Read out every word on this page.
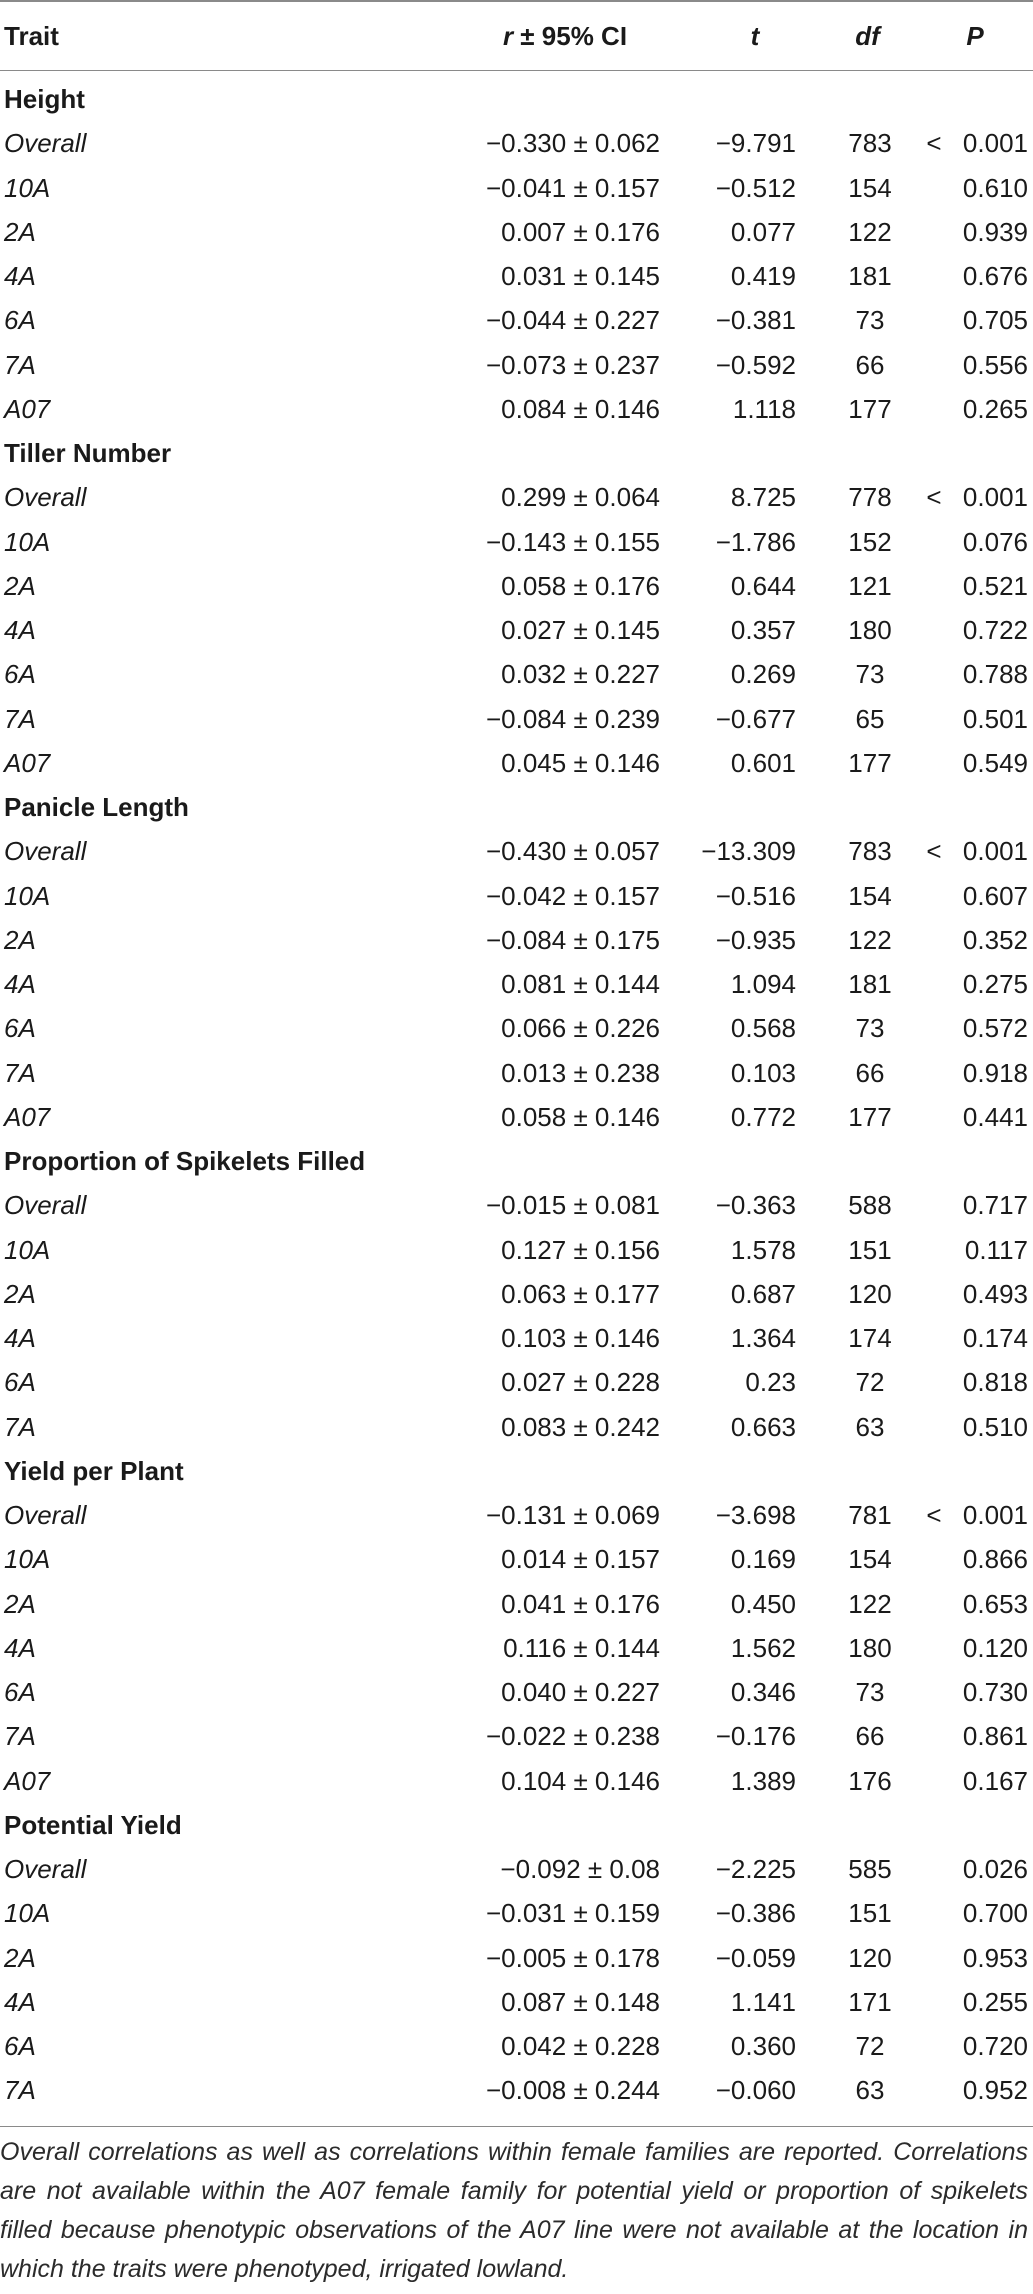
Trait	r ± 95% CI	t	df	P
Height
Overall	−0.330 ± 0.062	−9.791	783	< 0.001
10A	−0.041 ± 0.157	−0.512	154	0.610
2A	0.007 ± 0.176	0.077	122	0.939
4A	0.031 ± 0.145	0.419	181	0.676
6A	−0.044 ± 0.227	−0.381	73	0.705
7A	−0.073 ± 0.237	−0.592	66	0.556
A07	0.084 ± 0.146	1.118	177	0.265
Tiller Number
Overall	0.299 ± 0.064	8.725	778	< 0.001
10A	−0.143 ± 0.155	−1.786	152	0.076
2A	0.058 ± 0.176	0.644	121	0.521
4A	0.027 ± 0.145	0.357	180	0.722
6A	0.032 ± 0.227	0.269	73	0.788
7A	−0.084 ± 0.239	−0.677	65	0.501
A07	0.045 ± 0.146	0.601	177	0.549
Panicle Length
Overall	−0.430 ± 0.057	−13.309	783	< 0.001
10A	−0.042 ± 0.157	−0.516	154	0.607
2A	−0.084 ± 0.175	−0.935	122	0.352
4A	0.081 ± 0.144	1.094	181	0.275
6A	0.066 ± 0.226	0.568	73	0.572
7A	0.013 ± 0.238	0.103	66	0.918
A07	0.058 ± 0.146	0.772	177	0.441
Proportion of Spikelets Filled
Overall	−0.015 ± 0.081	−0.363	588	0.717
10A	0.127 ± 0.156	1.578	151	0.117
2A	0.063 ± 0.177	0.687	120	0.493
4A	0.103 ± 0.146	1.364	174	0.174
6A	0.027 ± 0.228	0.23	72	0.818
7A	0.083 ± 0.242	0.663	63	0.510
Yield per Plant
Overall	−0.131 ± 0.069	−3.698	781	< 0.001
10A	0.014 ± 0.157	0.169	154	0.866
2A	0.041 ± 0.176	0.450	122	0.653
4A	0.116 ± 0.144	1.562	180	0.120
6A	0.040 ± 0.227	0.346	73	0.730
7A	−0.022 ± 0.238	−0.176	66	0.861
A07	0.104 ± 0.146	1.389	176	0.167
Potential Yield
Overall	−0.092 ± 0.08	−2.225	585	0.026
10A	−0.031 ± 0.159	−0.386	151	0.700
2A	−0.005 ± 0.178	−0.059	120	0.953
4A	0.087 ± 0.148	1.141	171	0.255
6A	0.042 ± 0.228	0.360	72	0.720
7A	−0.008 ± 0.244	−0.060	63	0.952
Overall correlations as well as correlations within female families are reported. Correlations are not available within the A07 female family for potential yield or proportion of spikelets filled because phenotypic observations of the A07 line were not available at the location in which the traits were phenotyped, irrigated lowland.
